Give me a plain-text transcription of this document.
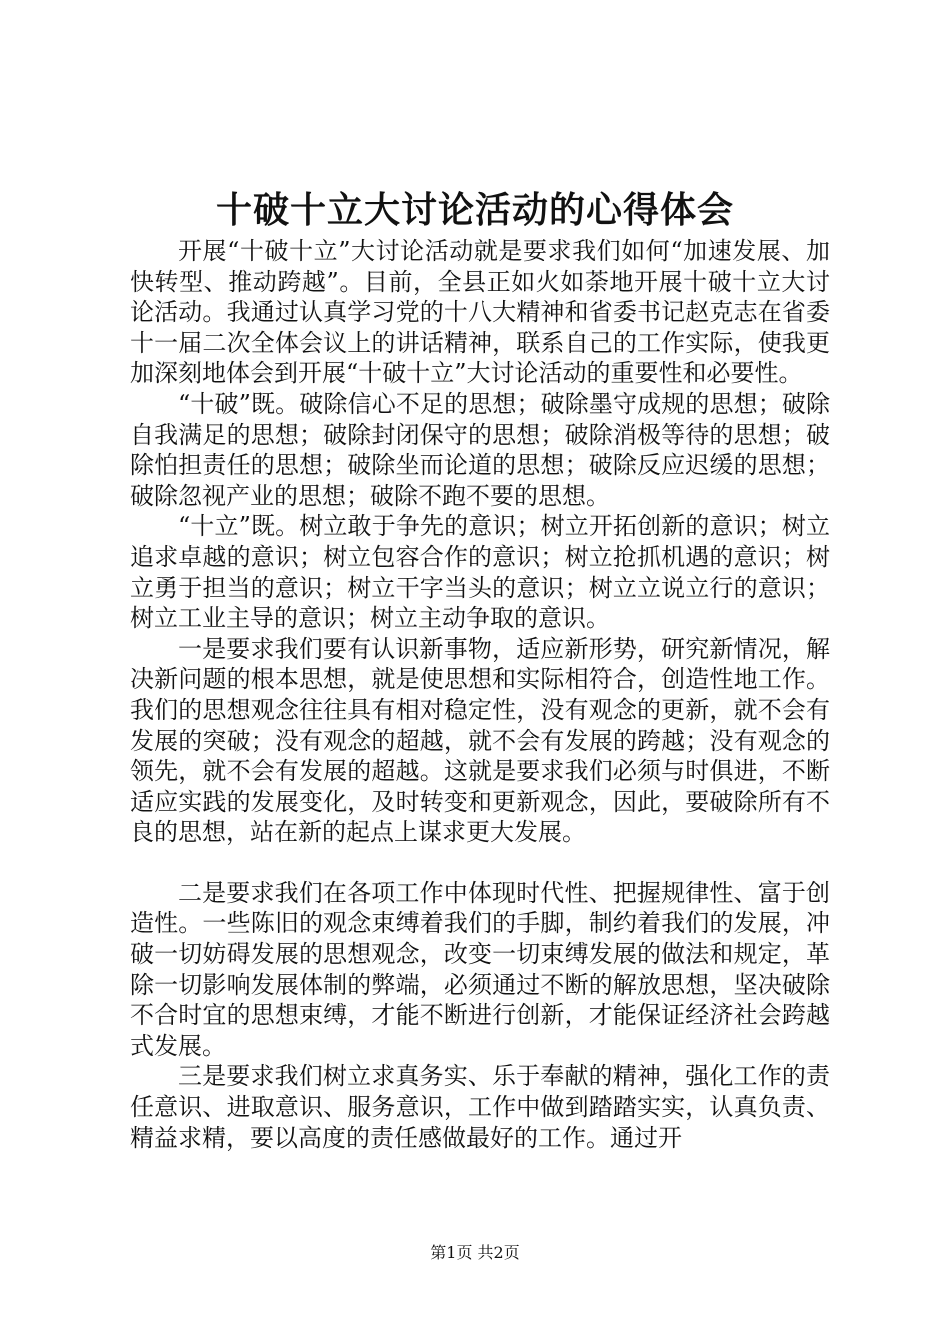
十破十立大讨论活动的心得体会

开展“十破十立”大讨论活动就是要求我们如何“加速发展、加快转型、推动跨越”。目前，全县正如火如荼地开展十破十立大讨论活动。我通过认真学习党的十八大精神和省委书记赵克志在省委十一届二次全体会议上的讲话精神，联系自己的工作实际，使我更加深刻地体会到开展“十破十立”大讨论活动的重要性和必要性。

“十破”既。破除信心不足的思想；破除墨守成规的思想；破除自我满足的思想；破除封闭保守的思想；破除消极等待的思想；破除怕担责任的思想；破除坐而论道的思想；破除反应迟缓的思想；破除忽视产业的思想；破除不跑不要的思想。

“十立”既。树立敢于争先的意识；树立开拓创新的意识；树立追求卓越的意识；树立包容合作的意识；树立抢抓机遇的意识；树立勇于担当的意识；树立干字当头的意识；树立立说立行的意识；树立工业主导的意识；树立主动争取的意识。

一是要求我们要有认识新事物，适应新形势，研究新情况，解决新问题的根本思想，就是使思想和实际相符合，创造性地工作。我们的思想观念往往具有相对稳定性，没有观念的更新，就不会有发展的突破；没有观念的超越，就不会有发展的跨越；没有观念的领先，就不会有发展的超越。这就是要求我们必须与时俱进，不断适应实践的发展变化，及时转变和更新观念，因此，要破除所有不良的思想，站在新的起点上谋求更大发展。

二是要求我们在各项工作中体现时代性、把握规律性、富于创造性。一些陈旧的观念束缚着我们的手脚，制约着我们的发展，冲破一切妨碍发展的思想观念，改变一切束缚发展的做法和规定，革除一切影响发展体制的弊端，必须通过不断的解放思想，坚决破除不合时宜的思想束缚，才能不断进行创新，才能保证经济社会跨越式发展。

三是要求我们树立求真务实、乐于奉献的精神，强化工作的责任意识、进取意识、服务意识，工作中做到踏踏实实，认真负责、精益求精，要以高度的责任感做最好的工作。通过开

第1页 共2页
